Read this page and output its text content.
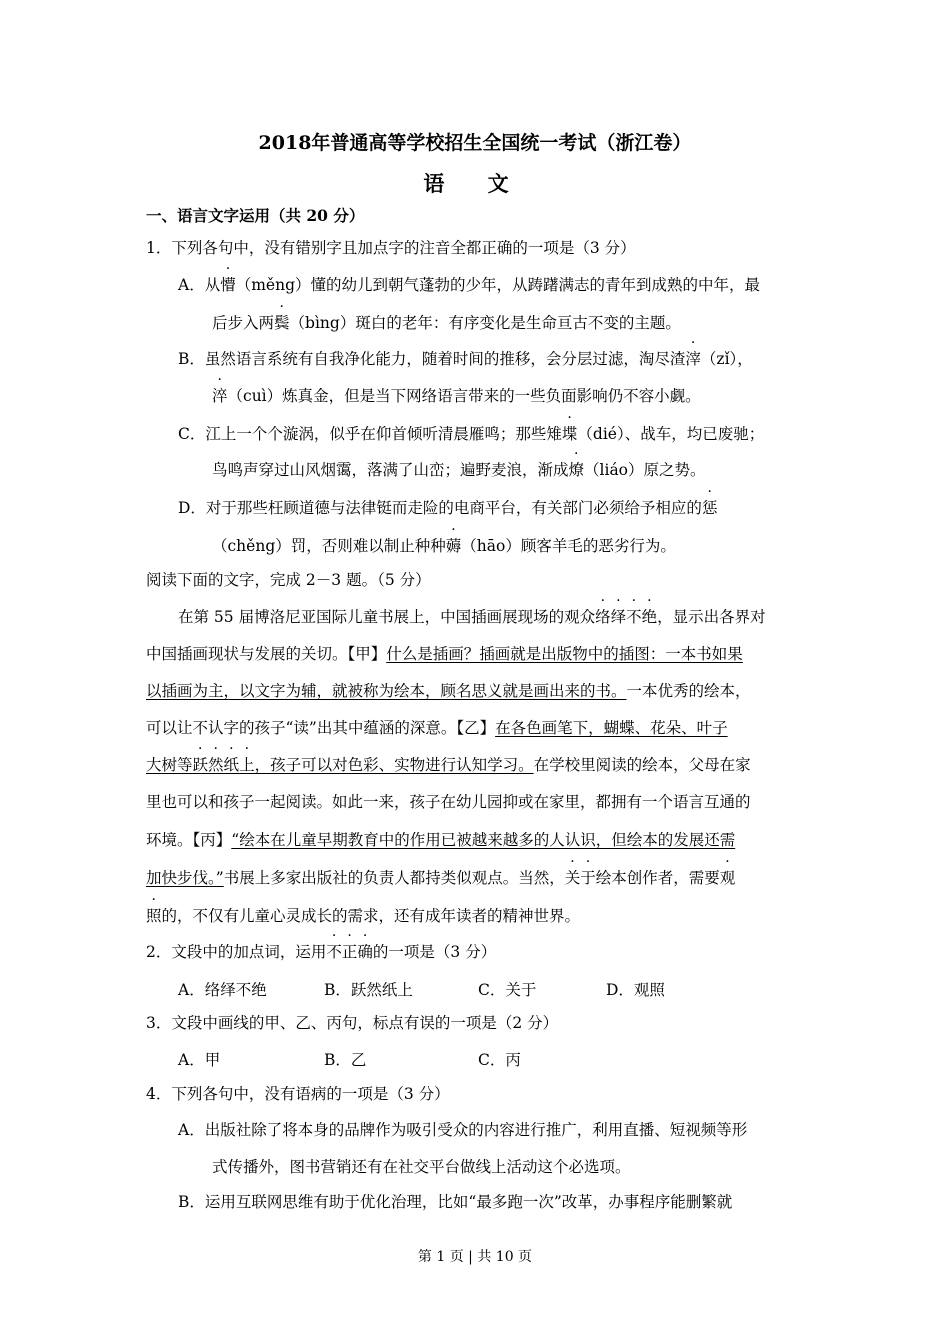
2018年普通高等学校招生全国统一考试（浙江卷）
语 文
一、语言文字运用（共 20 分）
1．下列各句中，没有错别字且加点字的注音全都正确的一项是（3 分）
A．从懵（měng）懂的幼儿到朝气蓬勃的少年，从踌躇满志的青年到成熟的中年，最
后步入两鬓（bìng）斑白的老年：有序变化是生命亘古不变的主题。
B．虽然语言系统有自我净化能力，随着时间的推移，会分层过滤，淘尽渣滓（zǐ），
淬（cuì）炼真金，但是当下网络语言带来的一些负面影响仍不容小觑。
C．江上一个个漩涡，似乎在仰首倾听清晨雁鸣；那些雉堞（dié）、战车，均已废驰；
鸟鸣声穿过山风烟霭，落满了山峦；遍野麦浪，渐成燎（liáo）原之势。
D．对于那些枉顾道德与法律铤而走险的电商平台，有关部门必须给予相应的惩
（chěng）罚，否则难以制止种种薅（hāo）顾客羊毛的恶劣行为。
阅读下面的文字，完成 2－3 题。（5 分）
在第 55 届博洛尼亚国际儿童书展上，中国插画展现场的观众络绎不绝，显示出各界对
中国插画现状与发展的关切。【甲】什么是插画？插画就是出版物中的插图：一本书如果
以插画为主，以文字为辅，就被称为绘本，顾名思义就是画出来的书。一本优秀的绘本，
可以让不认字的孩子“读”出其中蕴涵的深意。【乙】在各色画笔下，蝴蝶、花朵、叶子
大树等跃然纸上，孩子可以对色彩、实物进行认知学习。在学校里阅读的绘本，父母在家
里也可以和孩子一起阅读。如此一来，孩子在幼儿园抑或在家里，都拥有一个语言互通的
环境。【丙】“绘本在儿童早期教育中的作用已被越来越多的人认识，但绘本的发展还需
加快步伐。”书展上多家出版社的负责人都持类似观点。当然，关于绘本创作者，需要观
照的，不仅有儿童心灵成长的需求，还有成年读者的精神世界。
2．文段中的加点词，运用不正确的一项是（3 分）
A．络绎不绝	B．跃然纸上	C．关于	D．观照
3．文段中画线的甲、乙、丙句，标点有误的一项是（2 分）
A．甲	B．乙	C．丙
4．下列各句中，没有语病的一项是（3 分）
A．出版社除了将本身的品牌作为吸引受众的内容进行推广，利用直播、短视频等形
式传播外，图书营销还有在社交平台做线上活动这个必选项。
B．运用互联网思维有助于优化治理，比如“最多跑一次”改革，办事程序能删繁就
第 1 页 | 共 10 页
